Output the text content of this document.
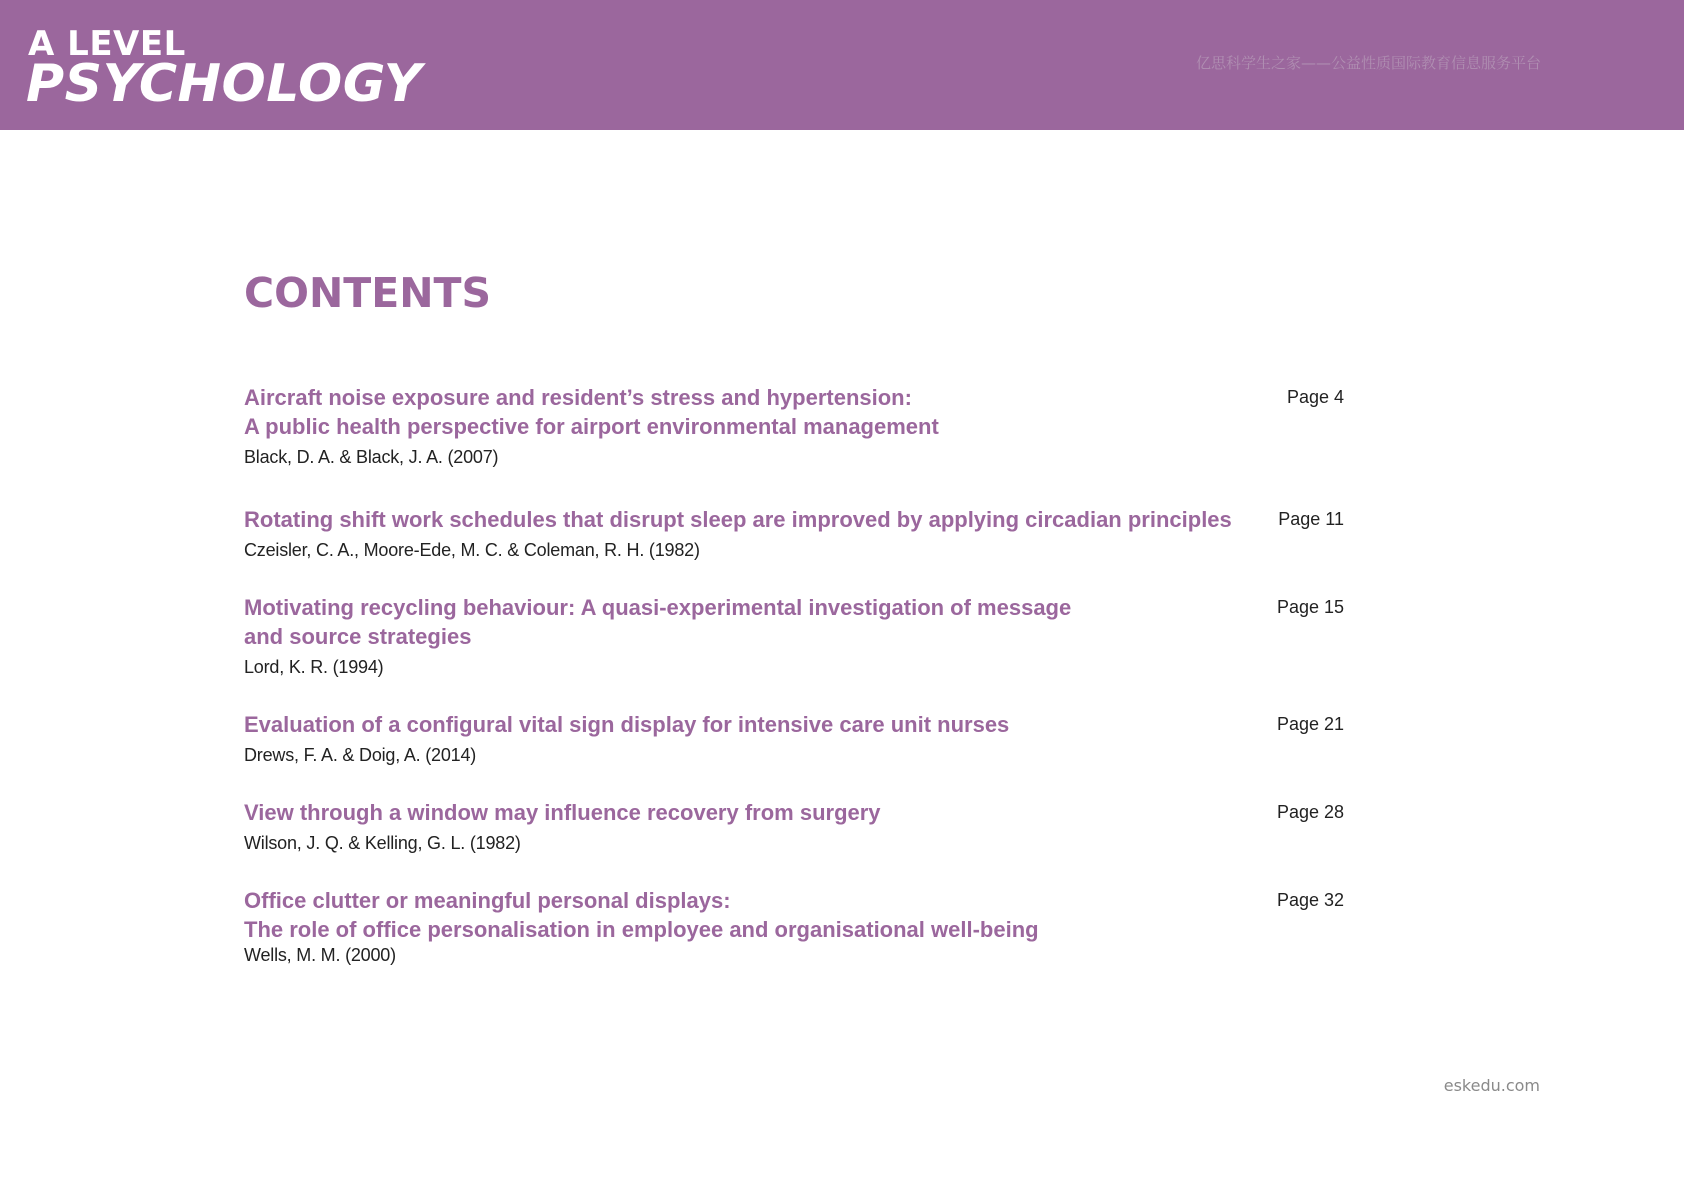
A LEVEL
PSYCHOLOGY	亿思科学生之家——公益性质国际教育信息服务平台
CONTENTS
Aircraft noise exposure and resident’s stress and hypertension:
A public health perspective for airport environmental management
Black, D. A. & Black, J. A. (2007)
Page 4
Rotating shift work schedules that disrupt sleep are improved by applying circadian principles
Czeisler, C. A., Moore-Ede, M. C. & Coleman, R. H. (1982)
Page 11
Motivating recycling behaviour: A quasi-experimental investigation of message
and source strategies
Lord, K. R. (1994)
Page 15
Evaluation of a configural vital sign display for intensive care unit nurses
Drews, F. A. & Doig, A. (2014)
Page 21
View through a window may influence recovery from surgery
Wilson, J. Q. & Kelling, G. L. (1982)
Page 28
Office clutter or meaningful personal displays:
The role of office personalisation in employee and organisational well-being
Wells, M. M. (2000)
Page 32
eskedu.com
